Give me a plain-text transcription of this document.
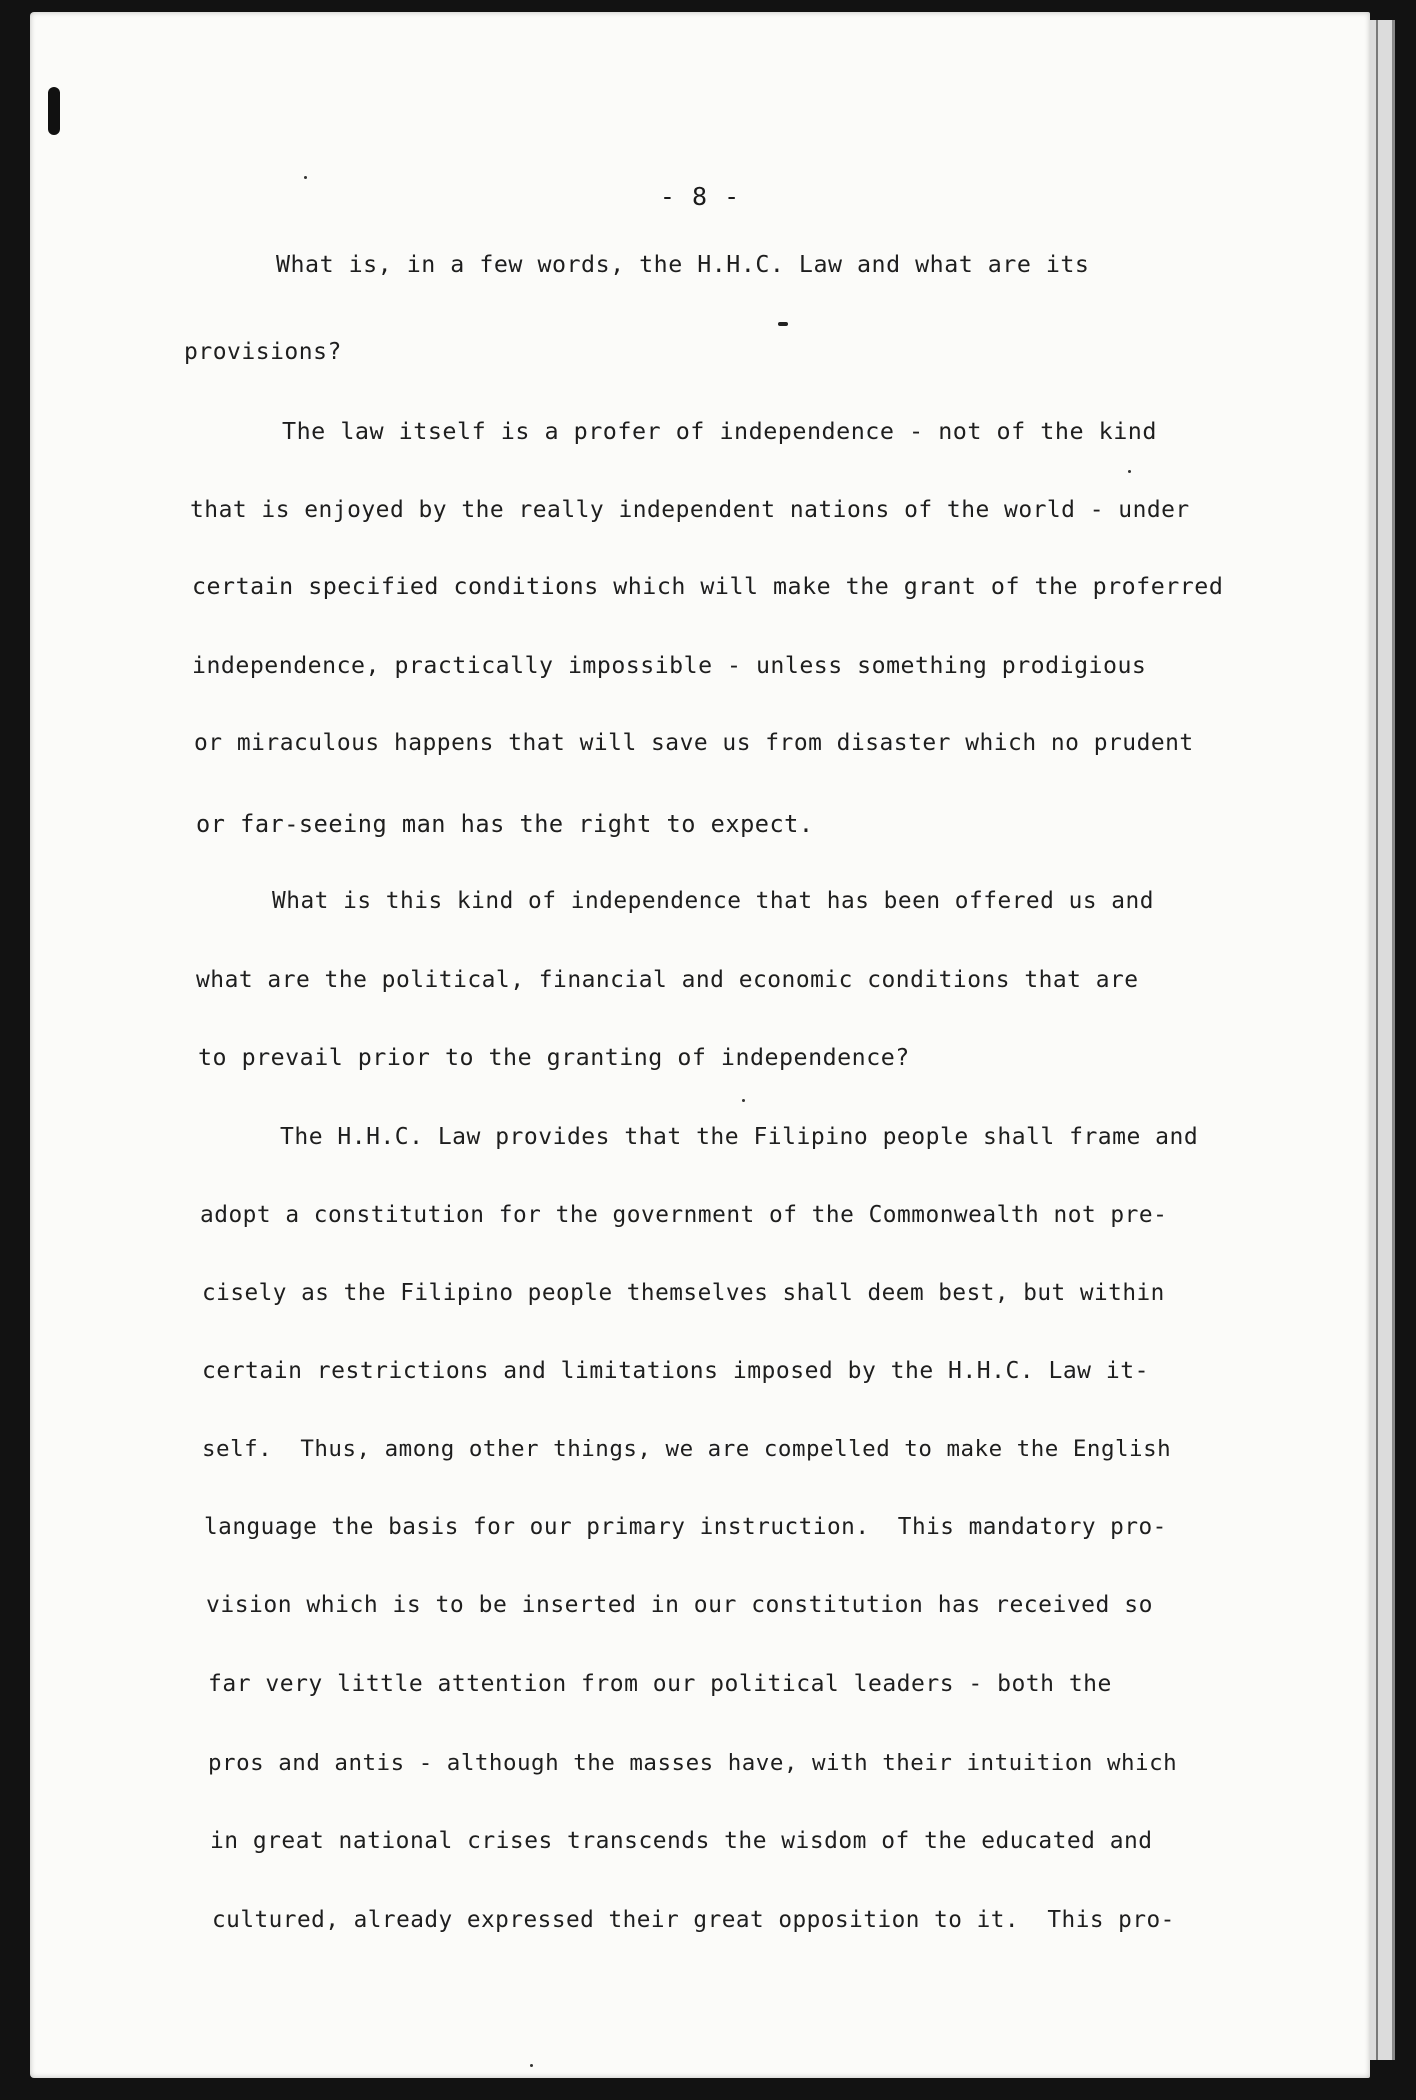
- 8 -
What is, in a few words, the H.H.C. Law and what are its
provisions?
The law itself is a profer of independence - not of the kind
that is enjoyed by the really independent nations of the world - under
certain specified conditions which will make the grant of the proferred
independence, practically impossible - unless something prodigious
or miraculous happens that will save us from disaster which no prudent
or far-seeing man has the right to expect.
What is this kind of independence that has been offered us and
what are the political, financial and economic conditions that are
to prevail prior to the granting of independence?
The H.H.C. Law provides that the Filipino people shall frame and
adopt a constitution for the government of the Commonwealth not pre-
cisely as the Filipino people themselves shall deem best, but within
certain restrictions and limitations imposed by the H.H.C. Law it-
self.  Thus, among other things, we are compelled to make the English
language the basis for our primary instruction.  This mandatory pro-
vision which is to be inserted in our constitution has received so
far very little attention from our political leaders - both the
pros and antis - although the masses have, with their intuition which
in great national crises transcends the wisdom of the educated and
cultured, already expressed their great opposition to it.  This pro-
